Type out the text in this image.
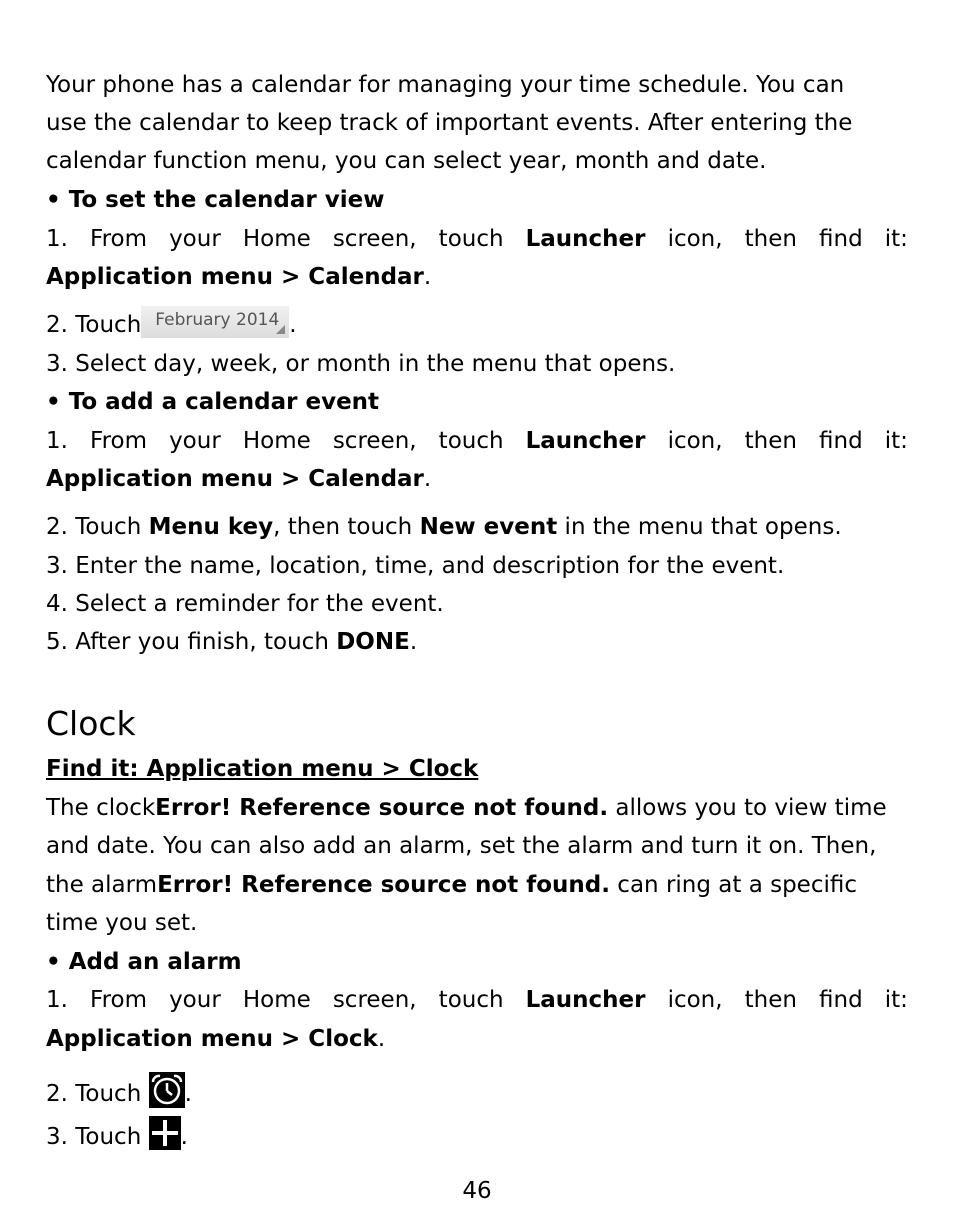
Your phone has a calendar for managing your time schedule. You can
use the calendar to keep track of important events. After entering the
calendar function menu, you can select year, month and date.
• To set the calendar view
1. From your Home screen, touch Launcher icon, then find it:
Application menu > Calendar.
2. Touch February 2014 .
3. Select day, week, or month in the menu that opens.
• To add a calendar event
1. From your Home screen, touch Launcher icon, then find it:
Application menu > Calendar.
2. Touch Menu key, then touch New event in the menu that opens.
3. Enter the name, location, time, and description for the event.
4. Select a reminder for the event.
5. After you finish, touch DONE.
Clock
Find it: Application menu > Clock
The clockError! Reference source not found. allows you to view time
and date. You can also add an alarm, set the alarm and turn it on. Then,
the alarmError! Reference source not found. can ring at a specific
time you set.
• Add an alarm
1. From your Home screen, touch Launcher icon, then find it:
Application menu > Clock.
2. Touch .
3. Touch .
46
